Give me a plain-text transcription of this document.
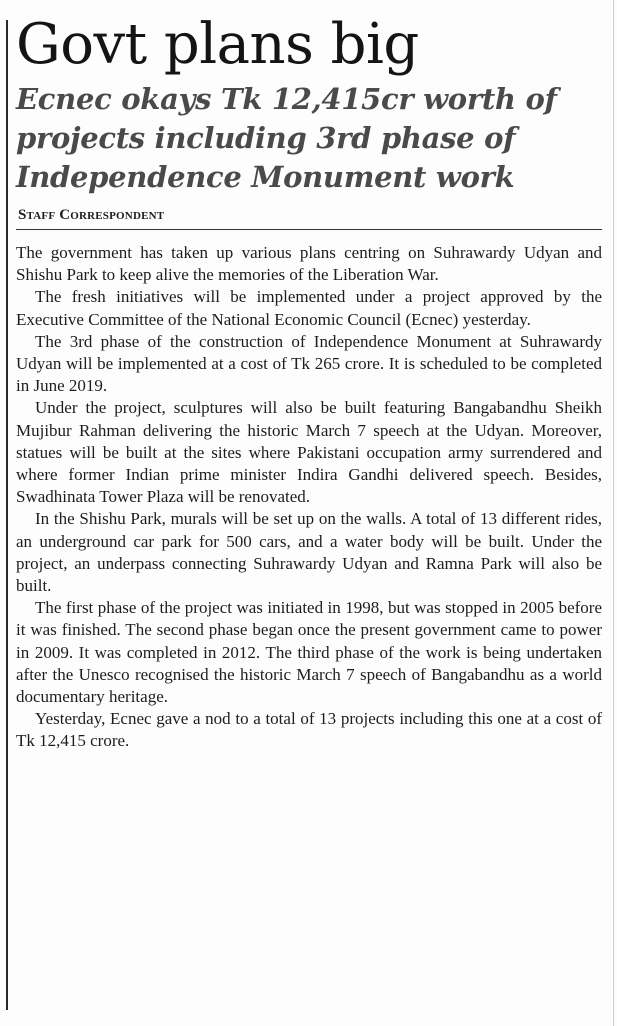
Govt plans big
Ecnec okays Tk 12,415cr worth of projects including 3rd phase of Independence Monument work
Staff Correspondent

The government has taken up various plans centring on Suhrawardy Udyan and Shishu Park to keep alive the memories of the Liberation War.

The fresh initiatives will be implemented under a project approved by the Executive Committee of the National Economic Council (Ecnec) yesterday.

The 3rd phase of the construction of Independence Monument at Suhrawardy Udyan will be implemented at a cost of Tk 265 crore. It is scheduled to be completed in June 2019.

Under the project, sculptures will also be built featuring Bangabandhu Sheikh Mujibur Rahman delivering the historic March 7 speech at the Udyan. Moreover, statues will be built at the sites where Pakistani occupation army surrendered and where former Indian prime minister Indira Gandhi delivered speech. Besides, Swadhinata Tower Plaza will be renovated.

In the Shishu Park, murals will be set up on the walls. A total of 13 different rides, an underground car park for 500 cars, and a water body will be built. Under the project, an underpass connecting Suhrawardy Udyan and Ramna Park will also be built.

The first phase of the project was initiated in 1998, but was stopped in 2005 before it was finished. The second phase began once the present government came to power in 2009. It was completed in 2012. The third phase of the work is being undertaken after the Unesco recognised the historic March 7 speech of Bangabandhu as a world documentary heritage.

Yesterday, Ecnec gave a nod to a total of 13 projects including this one at a cost of Tk 12,415 crore.
